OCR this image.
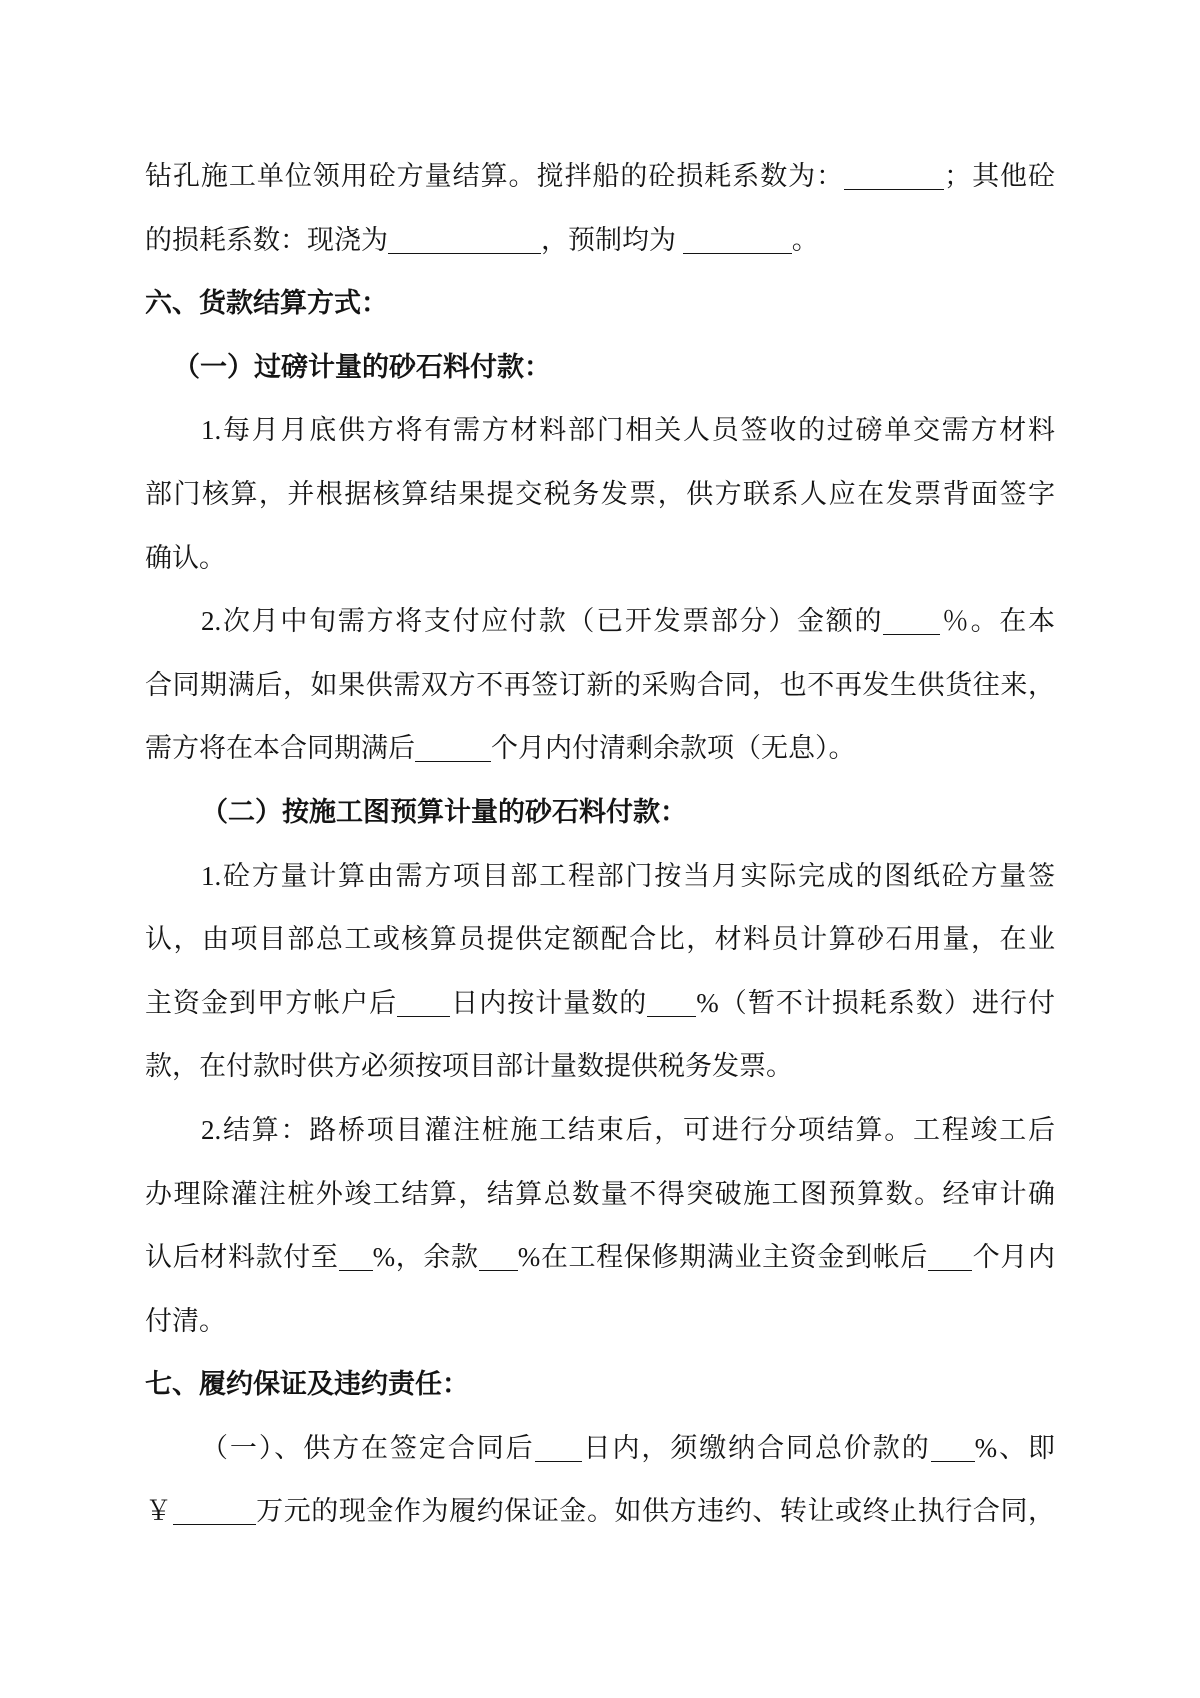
钻孔施工单位领用砼方量结算。搅拌船的砼损耗系数为：	；其他砼
的损耗系数：现浇为	，预制均为	。
六、货款结算方式：
（一）过磅计量的砂石料付款：
1.每月月底供方将有需方材料部门相关人员签收的过磅单交需方材料
部门核算，并根据核算结果提交税务发票，供方联系人应在发票背面签字
确认。
2.次月中旬需方将支付应付款（已开发票部分）金额的 ％。在本
合同期满后，如果供需双方不再签订新的采购合同，也不再发生供货往来，
需方将在本合同期满后	个月内付清剩余款项（无息）。
（二）按施工图预算计量的砂石料付款：
1.砼方量计算由需方项目部工程部门按当月实际完成的图纸砼方量签
认，由项目部总工或核算员提供定额配合比，材料员计算砂石用量，在业
主资金到甲方帐户后 日内按计量数的 %（暂不计损耗系数）进行付
款，在付款时供方必须按项目部计量数提供税务发票。
2.结算：路桥项目灌注桩施工结束后，可进行分项结算。工程竣工后
办理除灌注桩外竣工结算，结算总数量不得突破施工图预算数。经审计确
认后材料款付至 %，余款 %在工程保修期满业主资金到帐后 个月内
付清。
七、履约保证及违约责任：
（一）、供方在签定合同后 日内，须缴纳合同总价款的 %、即
￥	万元的现金作为履约保证金。如供方违约、转让或终止执行合同，
